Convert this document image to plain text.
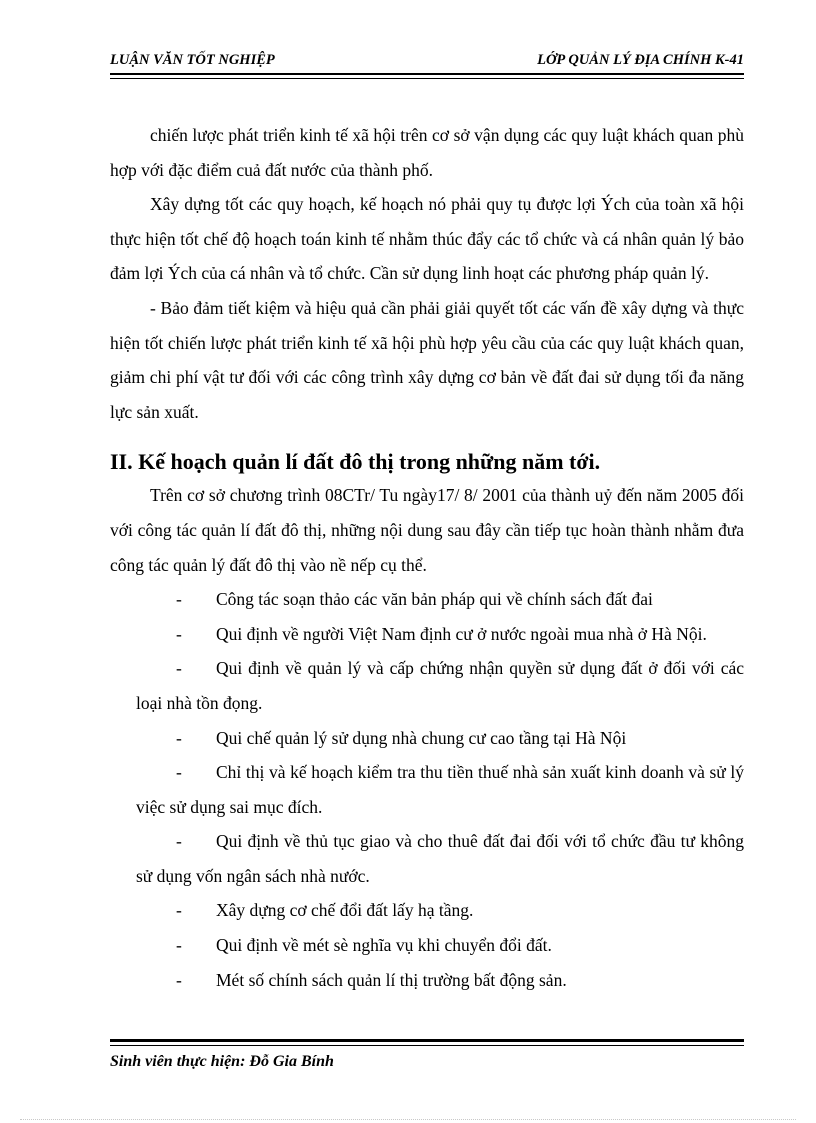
LUẬN VĂN TỐT NGHIỆP	LỚP QUẢN LÝ ĐỊA CHÍNH K-41

chiến lược phát triển kinh tế xã hội trên cơ sở vận dụng các quy luật khách quan phù hợp với đặc điểm cuả đất nước của thành phố.

Xây dựng tốt các quy hoạch, kế hoạch nó phải quy tụ được lợi Ých của toàn xã hội thực hiện tốt chế độ hoạch toán kinh tế nhằm thúc đẩy các tổ chức và cá nhân quản lý bảo đảm lợi Ých của cá nhân và tổ chức. Cần sử dụng linh hoạt các phương pháp quản lý.

- Bảo đảm tiết kiệm và hiệu quả cần phải giải quyết tốt các vấn đề xây dựng và thực hiện tốt chiến lược phát triển kinh tế xã hội phù hợp yêu cầu của các quy luật khách quan, giảm chi phí vật tư đối với các công trình xây dựng cơ bản về đất đai sử dụng tối đa năng lực sản xuất.

II. Kế hoạch quản lí đất đô thị trong những năm tới.

Trên cơ sở chương trình 08CTr/ Tu ngày17/ 8/ 2001 của thành uỷ đến năm 2005 đối với công tác quản lí đất đô thị, những nội dung sau đây cần tiếp tục hoàn thành nhằm đưa công tác quản lý đất đô thị vào nề nếp cụ thể.

- Công tác soạn thảo các văn bản pháp qui về chính sách đất đai

- Qui định về người Việt Nam định cư ở nước ngoài mua nhà ở Hà Nội.

- Qui định về quản lý và cấp chứng nhận quyền sử dụng đất ở đối với các loại nhà tồn đọng.

- Qui chế quản lý sử dụng nhà chung cư cao tầng tại Hà Nội

- Chỉ thị và kế hoạch kiểm tra thu tiền thuế nhà sản xuất kinh doanh và sử lý việc sử dụng sai mục đích.

- Qui định về thủ tục giao và cho thuê đất đai đối với tổ chức đầu tư không sử dụng vốn ngân sách nhà nước.

- Xây dựng cơ chế đổi đất lấy hạ tầng.

- Qui định về mét sè nghĩa vụ khi chuyển đổi đất.

- Mét số chính sách quản lí thị trường bất động sản.

Sinh viên thực hiện: Đỗ Gia Bính
